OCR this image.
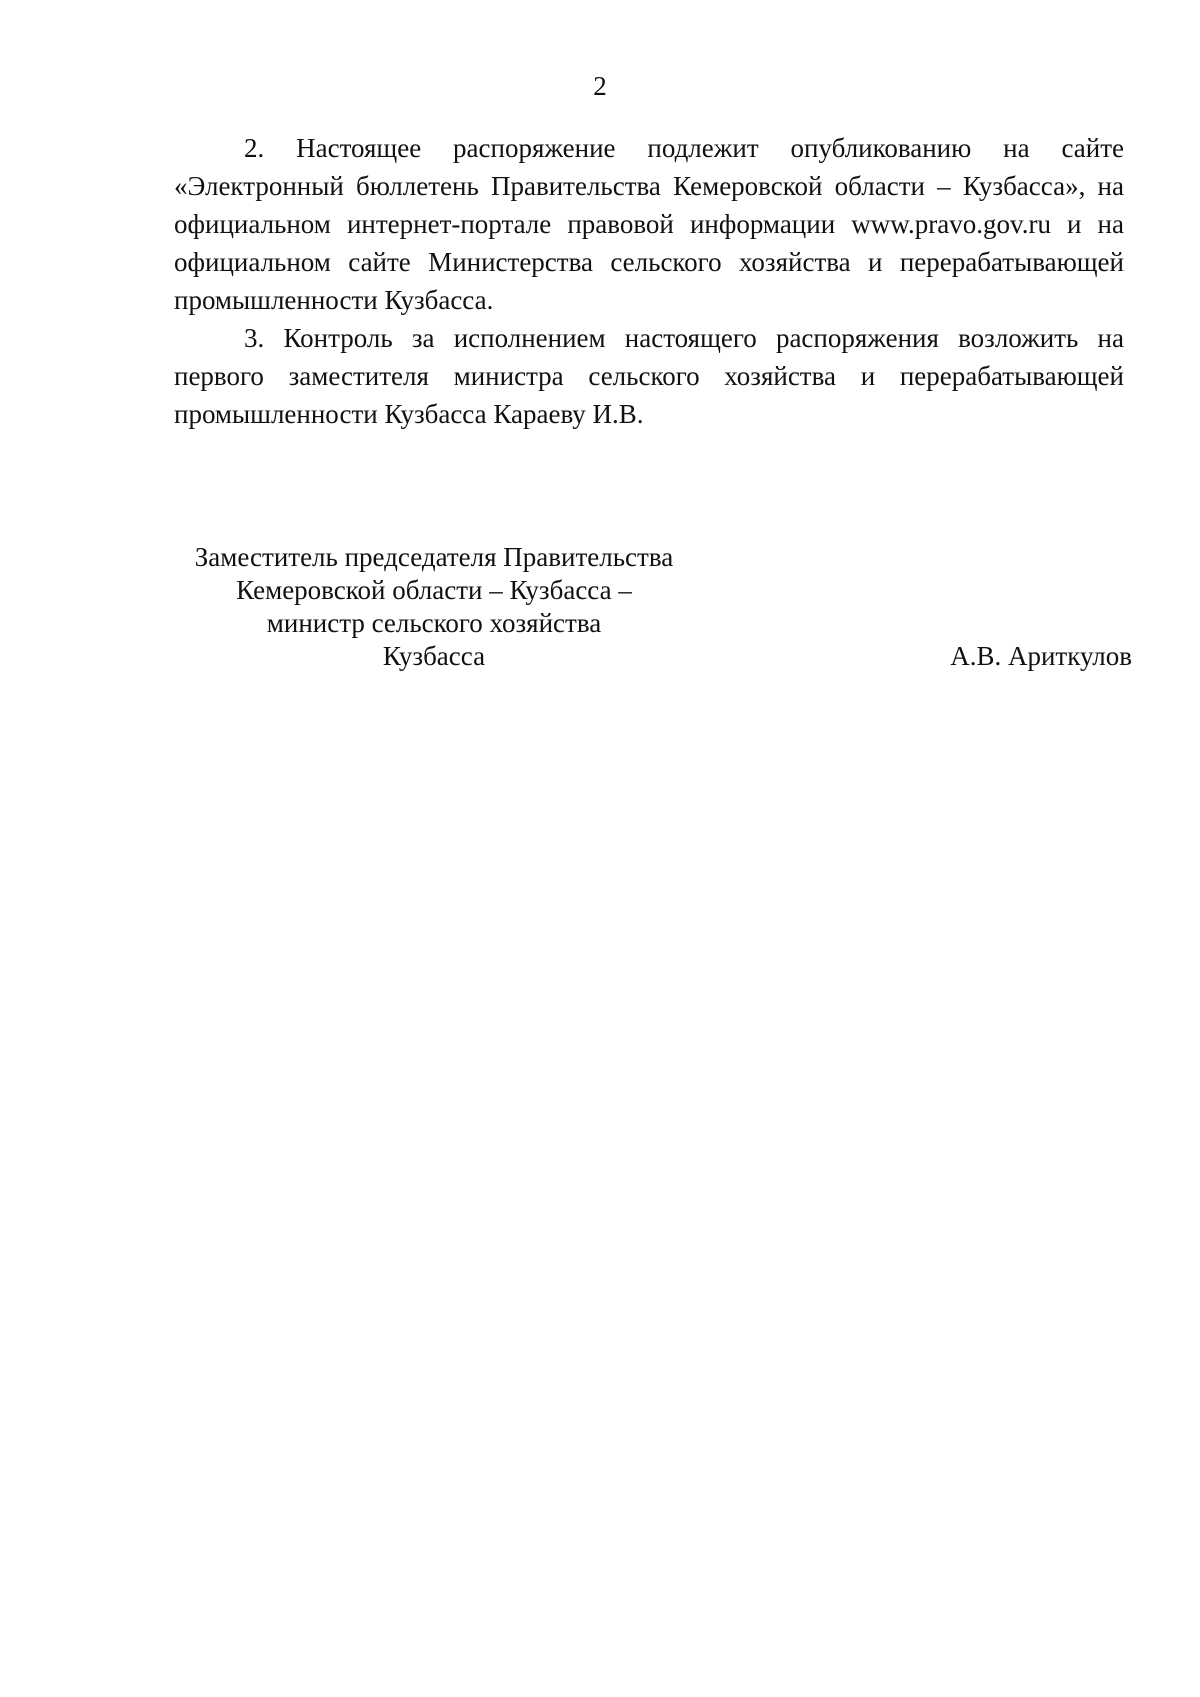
2

2. Настоящее распоряжение подлежит опубликованию на сайте «Электронный бюллетень Правительства Кемеровской области – Кузбасса», на официальном интернет-портале правовой информации www.pravo.gov.ru и на официальном сайте Министерства сельского хозяйства и перерабатывающей промышленности Кузбасса.

3. Контроль за исполнением настоящего распоряжения возложить на первого заместителя министра сельского хозяйства и перерабатывающей промышленности Кузбасса Караеву И.В.

Заместитель председателя Правительства
Кемеровской области – Кузбасса –
министр сельского хозяйства
Кузбасса	А.В. Ариткулов
